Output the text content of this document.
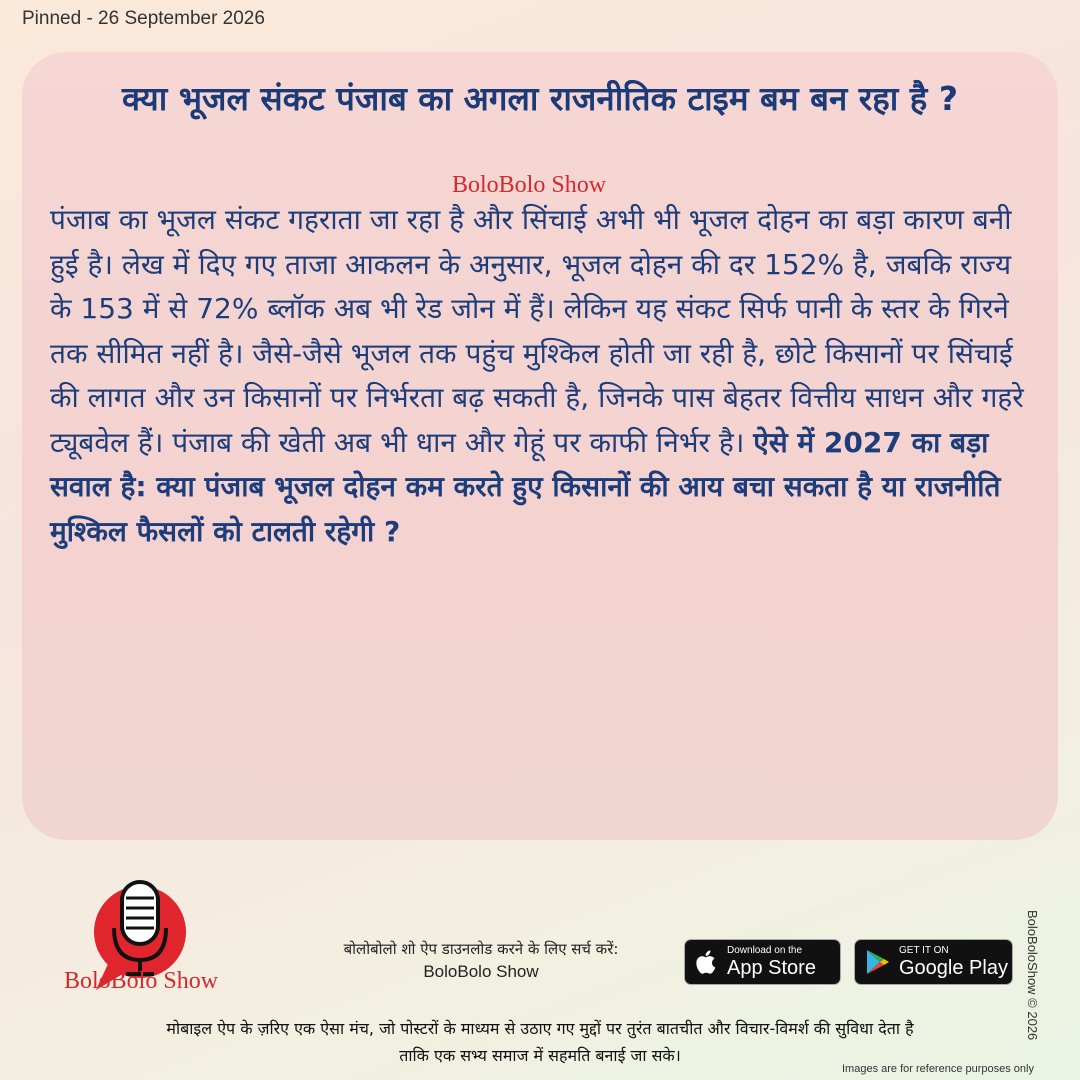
Pinned - 26 September 2026
क्या भूजल संकट पंजाब का अगला राजनीतिक टाइम बम बन रहा है ?
BoloBolo Show
पंजाब का भूजल संकट गहराता जा रहा है और सिंचाई अभी भी भूजल दोहन का बड़ा कारण बनी हुई है। लेख में दिए गए ताजा आकलन के अनुसार, भूजल दोहन की दर 152% है, जबकि राज्य के 153 में से 72% ब्लॉक अब भी रेड जोन में हैं। लेकिन यह संकट सिर्फ पानी के स्तर के गिरने तक सीमित नहीं है। जैसे-जैसे भूजल तक पहुंच मुश्किल होती जा रही है, छोटे किसानों पर सिंचाई की लागत और उन किसानों पर निर्भरता बढ़ सकती है, जिनके पास बेहतर वित्तीय साधन और गहरे ट्यूबवेल हैं। पंजाब की खेती अब भी धान और गेहूं पर काफी निर्भर है। ऐसे में 2027 का बड़ा सवाल है: क्या पंजाब भूजल दोहन कम करते हुए किसानों की आय बचा सकता है या राजनीति मुश्किल फैसलों को टालती रहेगी ?
BoloBolo Show
बोलोबोलो शो ऐप डाउनलोड करने के लिए सर्च करें:
BoloBolo Show
Download on the
App Store
GET IT ON
Google Play
मोबाइल ऐप के ज़रिए एक ऐसा मंच, जो पोस्टरों के माध्यम से उठाए गए मुद्दों पर तुरंत बातचीत और विचार-विमर्श की सुविधा देता है
ताकि एक सभ्य समाज में सहमति बनाई जा सके।
BoloBoloShow © 2026
Images are for reference purposes only
